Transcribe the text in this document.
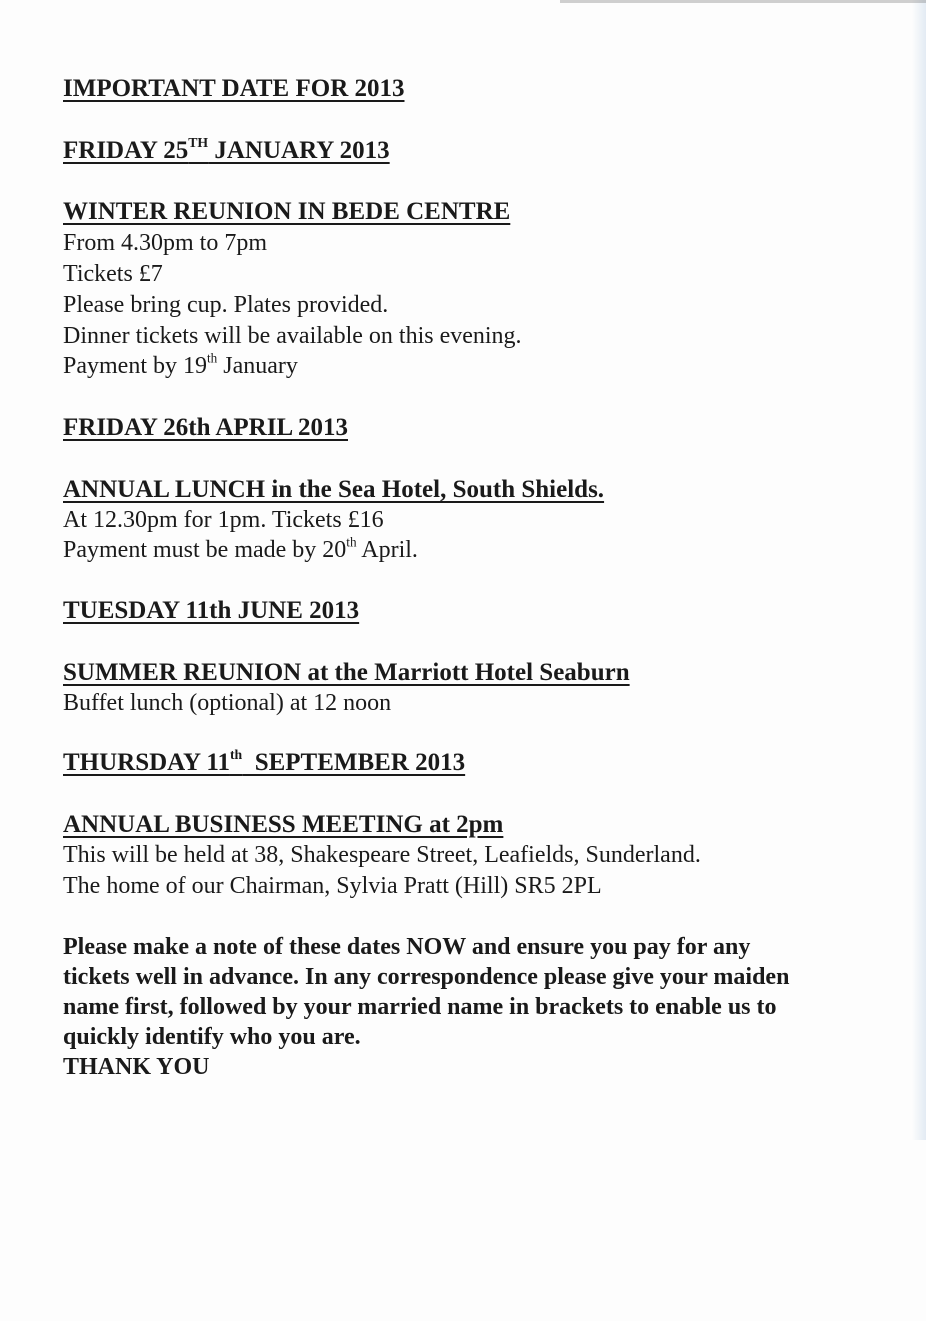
IMPORTANT DATE FOR 2013
FRIDAY 25TH JANUARY 2013
WINTER REUNION IN BEDE CENTRE
From 4.30pm to 7pm
Tickets £7
Please bring cup. Plates provided.
Dinner tickets will be available on this evening.
Payment by 19th January
FRIDAY 26th APRIL 2013
ANNUAL LUNCH in the Sea Hotel, South Shields.
At 12.30pm for 1pm. Tickets £16
Payment must be made by 20th April.
TUESDAY 11th JUNE 2013
SUMMER REUNION at the Marriott Hotel Seaburn
Buffet lunch (optional) at 12 noon
THURSDAY 11th  SEPTEMBER 2013
ANNUAL BUSINESS MEETING at 2pm
This will be held at 38, Shakespeare Street, Leafields, Sunderland.
The home of our Chairman, Sylvia Pratt (Hill) SR5 2PL
Please make a note of these dates NOW and ensure you pay for any
tickets well in advance. In any correspondence please give your maiden
name first, followed by your married name in brackets to enable us to
quickly identify who you are.
THANK YOU
